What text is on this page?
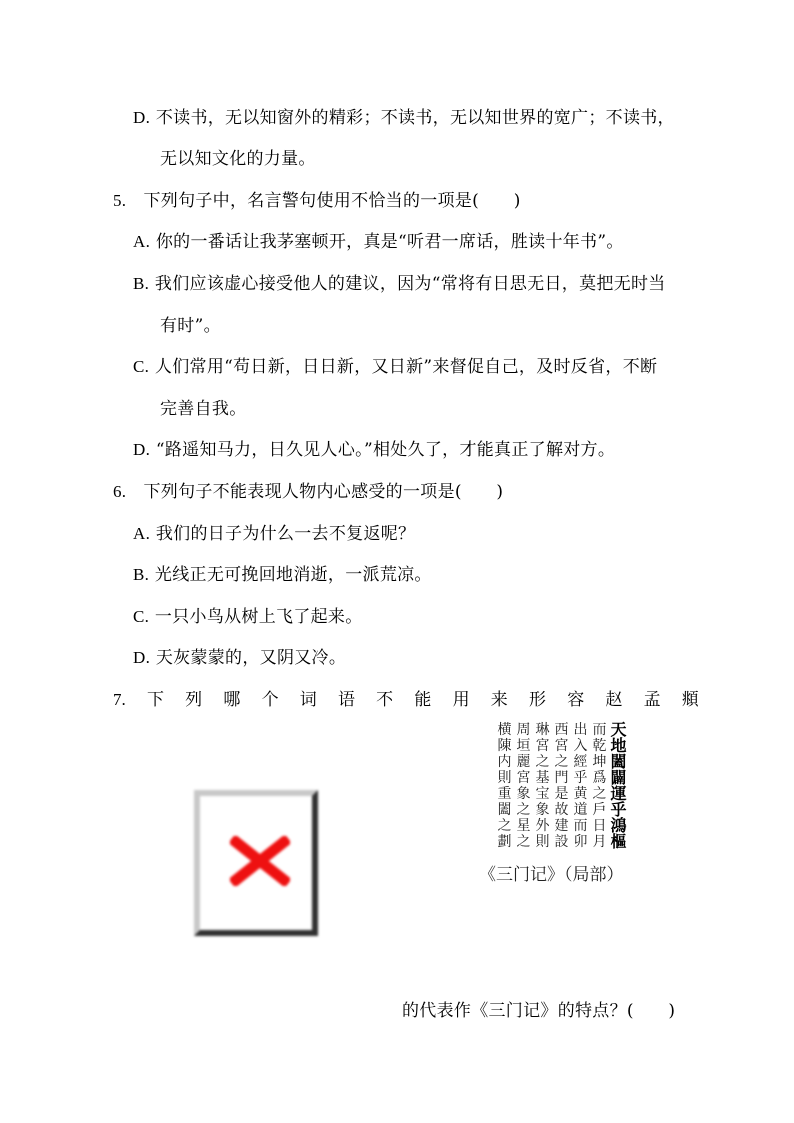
D. 不读书，无以知窗外的精彩；不读书，无以知世界的宽广；不读书，
无以知文化的力量。
5. 下列句子中，名言警句使用不恰当的一项是(　　)
A. 你的一番话让我茅塞顿开，真是“听君一席话，胜读十年书”。
B. 我们应该虚心接受他人的建议，因为“常将有日思无日，莫把无时当
有时”。
C. 人们常用“苟日新，日日新，又日新”来督促自己，及时反省，不断
完善自我。
D. “路遥知马力，日久见人心。”相处久了，才能真正了解对方。
6. 下列句子不能表现人物内心感受的一项是(　　)
A. 我们的日子为什么一去不复返呢？
B. 光线正无可挽回地消逝，一派荒凉。
C. 一只小鸟从树上飞了起来。
D. 天灰蒙蒙的，又阴又冷。
7. 下 列 哪 个 词 语 不 能 用 来 形 容 赵 孟 頫
天
地
闔
闢
運
乎
鴻
樞
而
乾
坤
爲
之
戶
日
月
出
入
經
乎
黄
道
而
卯
西
宮
之
門
是
故
建
設
琳
宮
之
基
宝
象
外
則
周
垣
麗
宮
象
之
星
之
横
陳
内
則
重
闔
之
劃
《三门记》（局部）
的代表作《三门记》的特点？(　　)
